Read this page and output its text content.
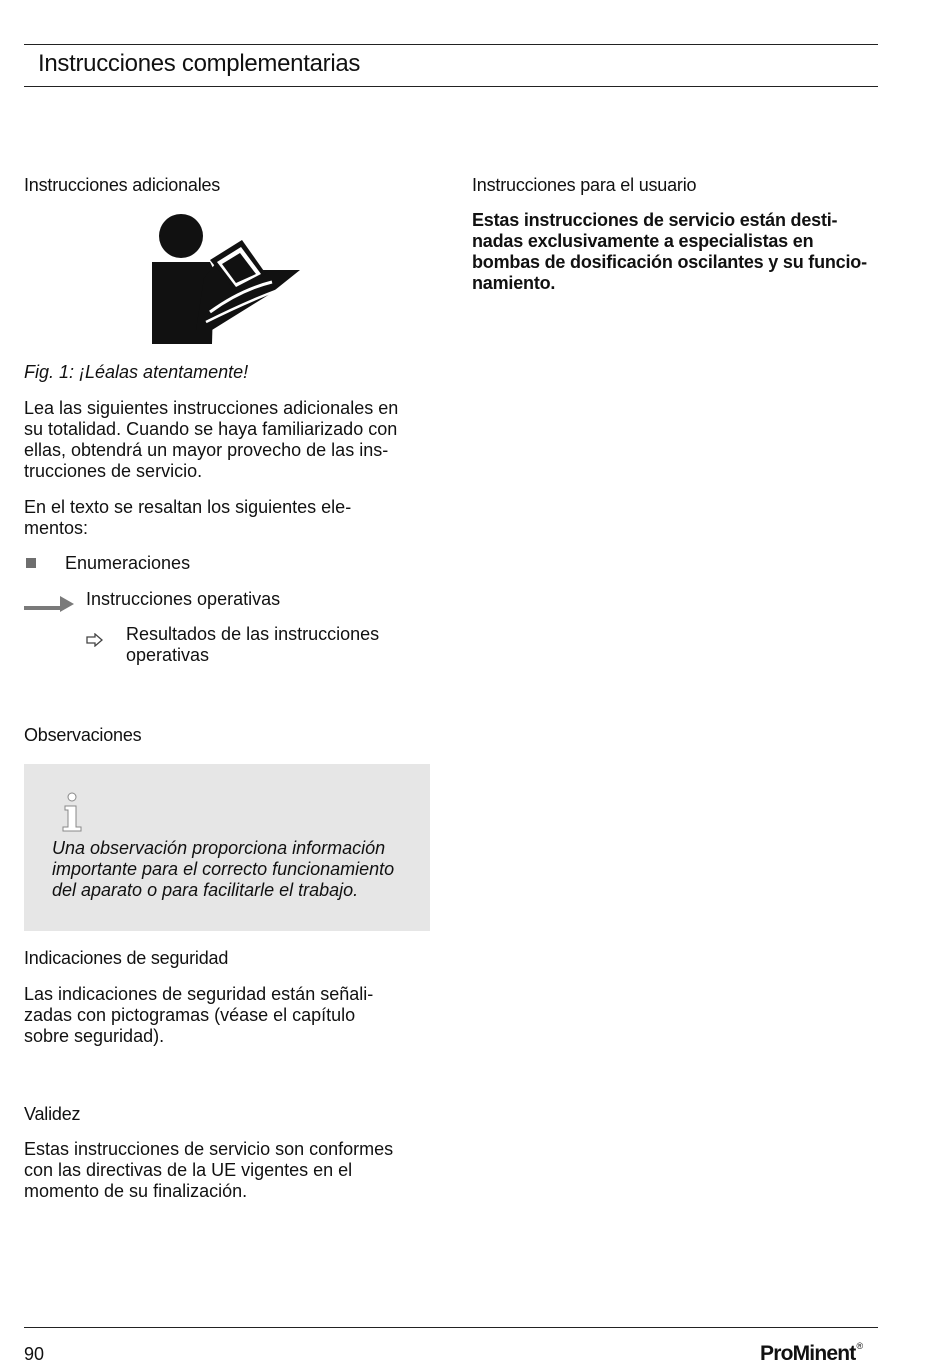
Instrucciones complementarias
Instrucciones adicionales
Fig. 1: ¡Léalas atentamente!
Lea las siguientes instrucciones adicionales en
su totalidad. Cuando se haya familiarizado con
ellas, obtendrá un mayor provecho de las ins-
trucciones de servicio.
En el texto se resaltan los siguientes ele-
mentos:
Enumeraciones
Instrucciones operativas
Resultados de las instrucciones
operativas
Observaciones
Una observación proporciona información
importante para el correcto funcionamiento
del aparato o para facilitarle el trabajo.
Indicaciones de seguridad
Las indicaciones de seguridad están señali-
zadas con pictogramas (véase el capítulo
sobre seguridad).
Validez
Estas instrucciones de servicio son conformes
con las directivas de la UE vigentes en el
momento de su finalización.
Instrucciones para el usuario
Estas instrucciones de servicio están desti-
nadas exclusivamente a especialistas en
bombas de dosificación oscilantes y su funcio-
namiento.
90	ProMinent®
